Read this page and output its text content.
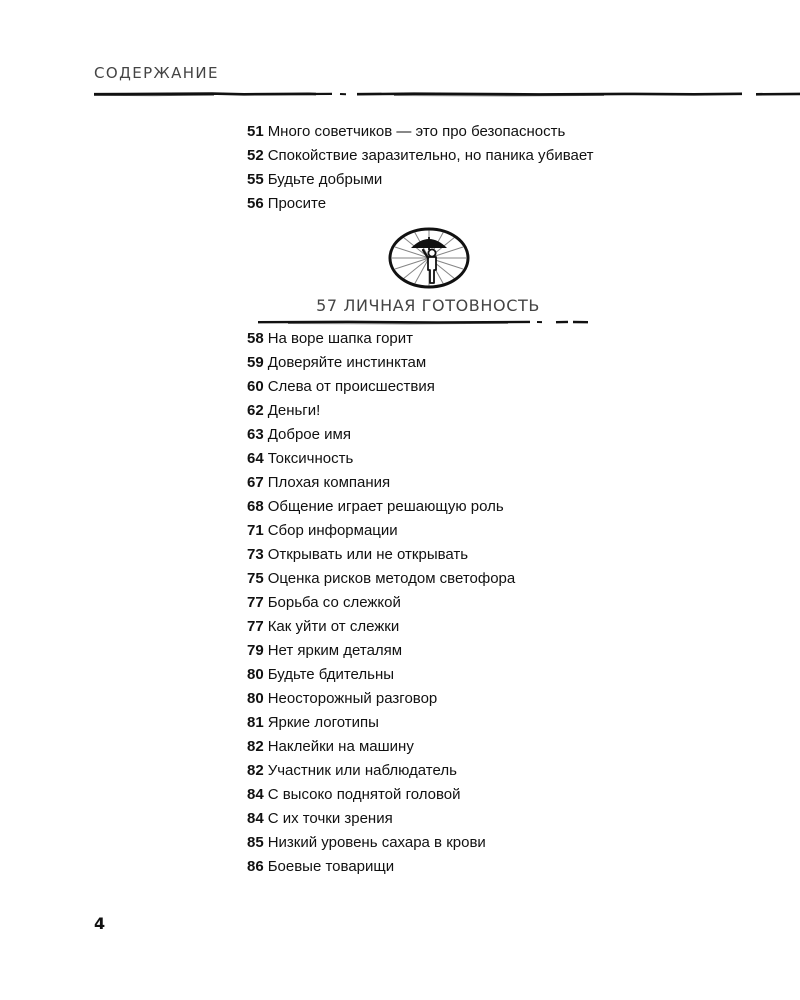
СОДЕРЖАНИЕ
51 Много советчиков — это про безопасность
52 Спокойствие заразительно, но паника убивает
55 Будьте добрыми
56 Просите
57 ЛИЧНАЯ ГОТОВНОСТЬ
58 На воре шапка горит
59 Доверяйте инстинктам
60 Слева от происшествия
62 Деньги!
63 Доброе имя
64 Токсичность
67 Плохая компания
68 Общение играет решающую роль
71 Сбор информации
73 Открывать или не открывать
75 Оценка рисков методом светофора
77 Борьба со слежкой
77 Как уйти от слежки
79 Нет ярким деталям
80 Будьте бдительны
80 Неосторожный разговор
81 Яркие логотипы
82 Наклейки на машину
82 Участник или наблюдатель
84 С высоко поднятой головой
84 С их точки зрения
85 Низкий уровень сахара в крови
86 Боевые товарищи
4
